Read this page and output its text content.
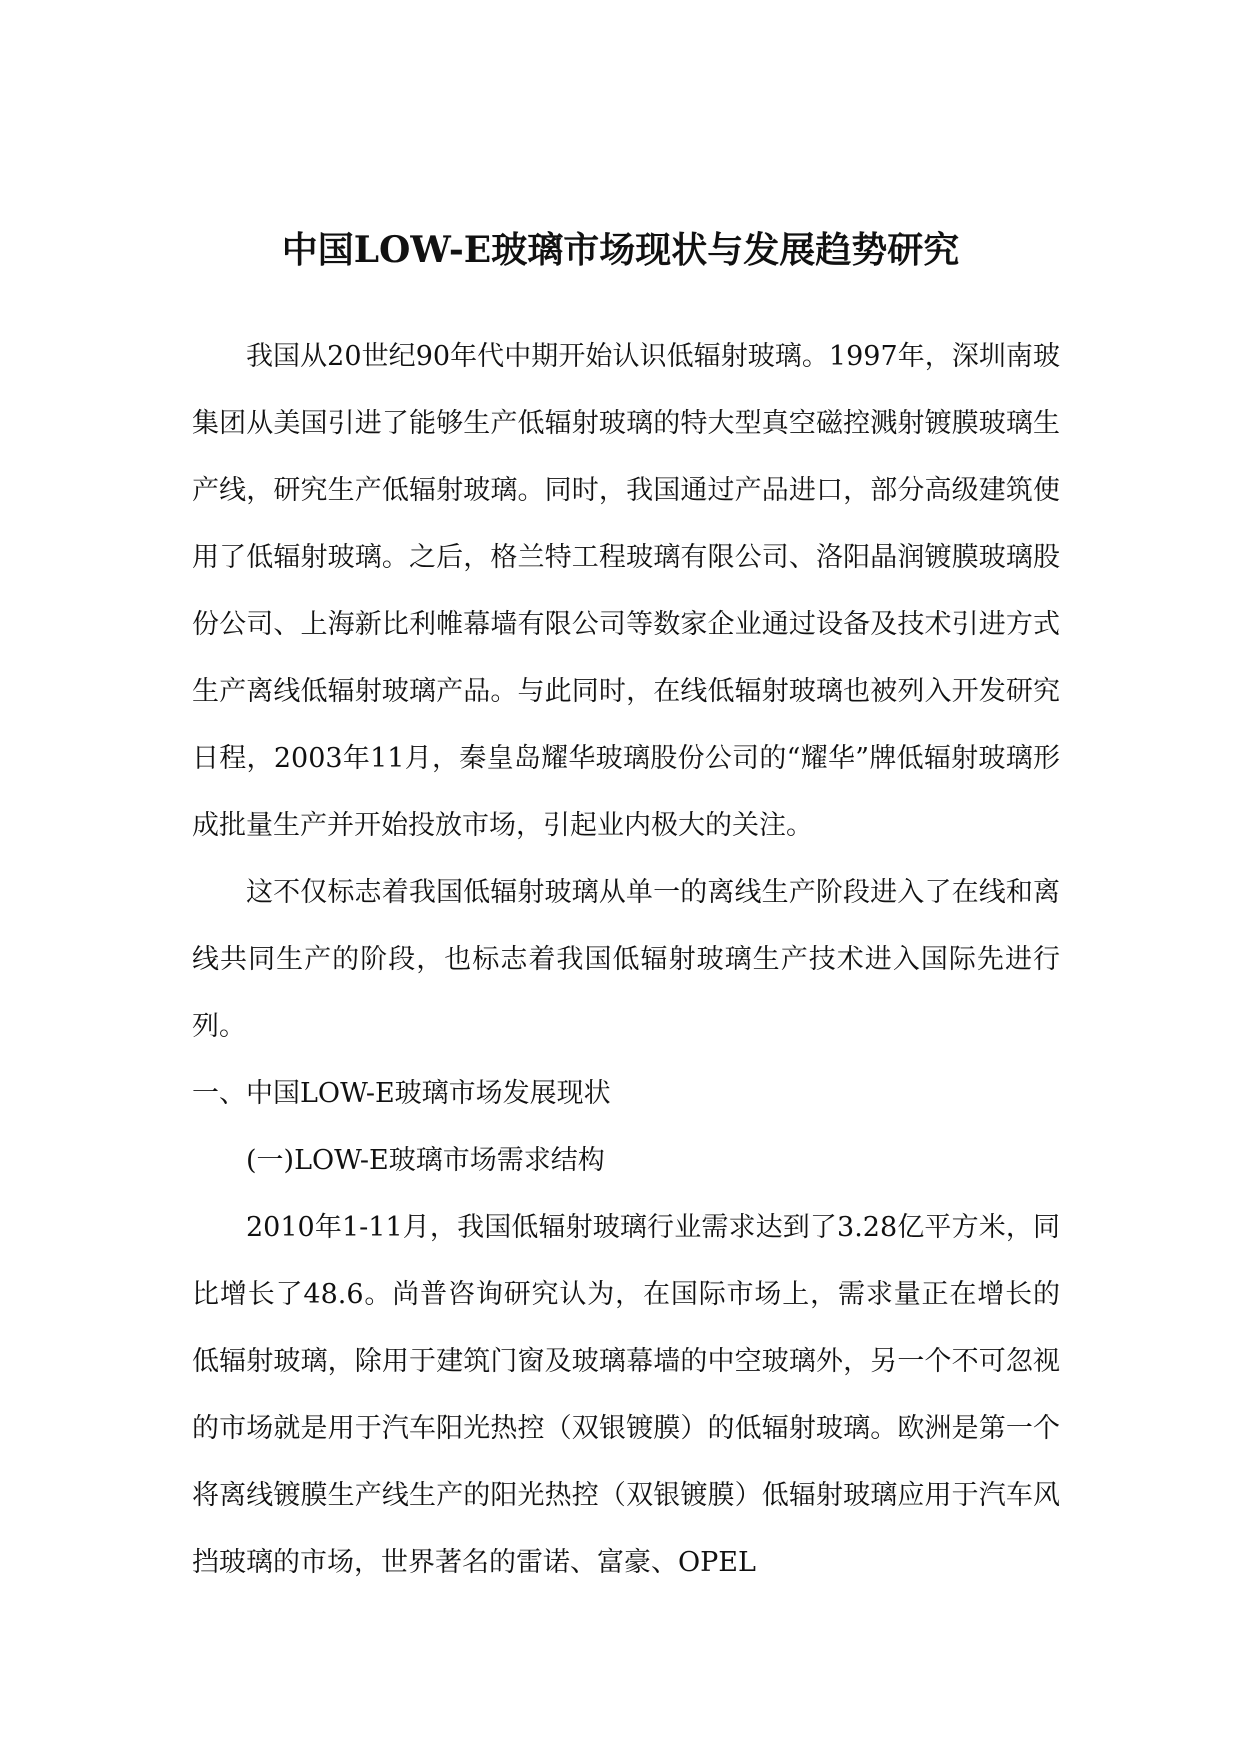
中国LOW-E玻璃市场现状与发展趋势研究

我国从20世纪90年代中期开始认识低辐射玻璃。1997年，深圳南玻集团从美国引进了能够生产低辐射玻璃的特大型真空磁控溅射镀膜玻璃生产线，研究生产低辐射玻璃。同时，我国通过产品进口，部分高级建筑使用了低辐射玻璃。之后，格兰特工程玻璃有限公司、洛阳晶润镀膜玻璃股份公司、上海新比利帷幕墙有限公司等数家企业通过设备及技术引进方式生产离线低辐射玻璃产品。与此同时，在线低辐射玻璃也被列入开发研究日程，2003年11月，秦皇岛耀华玻璃股份公司的“耀华”牌低辐射玻璃形成批量生产并开始投放市场，引起业内极大的关注。

这不仅标志着我国低辐射玻璃从单一的离线生产阶段进入了在线和离线共同生产的阶段，也标志着我国低辐射玻璃生产技术进入国际先进行列。

一、中国LOW-E玻璃市场发展现状

(一)LOW-E玻璃市场需求结构

2010年1-11月，我国低辐射玻璃行业需求达到了3.28亿平方米，同比增长了48.6。尚普咨询研究认为，在国际市场上，需求量正在增长的低辐射玻璃，除用于建筑门窗及玻璃幕墙的中空玻璃外，另一个不可忽视的市场就是用于汽车阳光热控（双银镀膜）的低辐射玻璃。欧洲是第一个将离线镀膜生产线生产的阳光热控（双银镀膜）低辐射玻璃应用于汽车风挡玻璃的市场，世界著名的雷诺、富豪、OPEL
